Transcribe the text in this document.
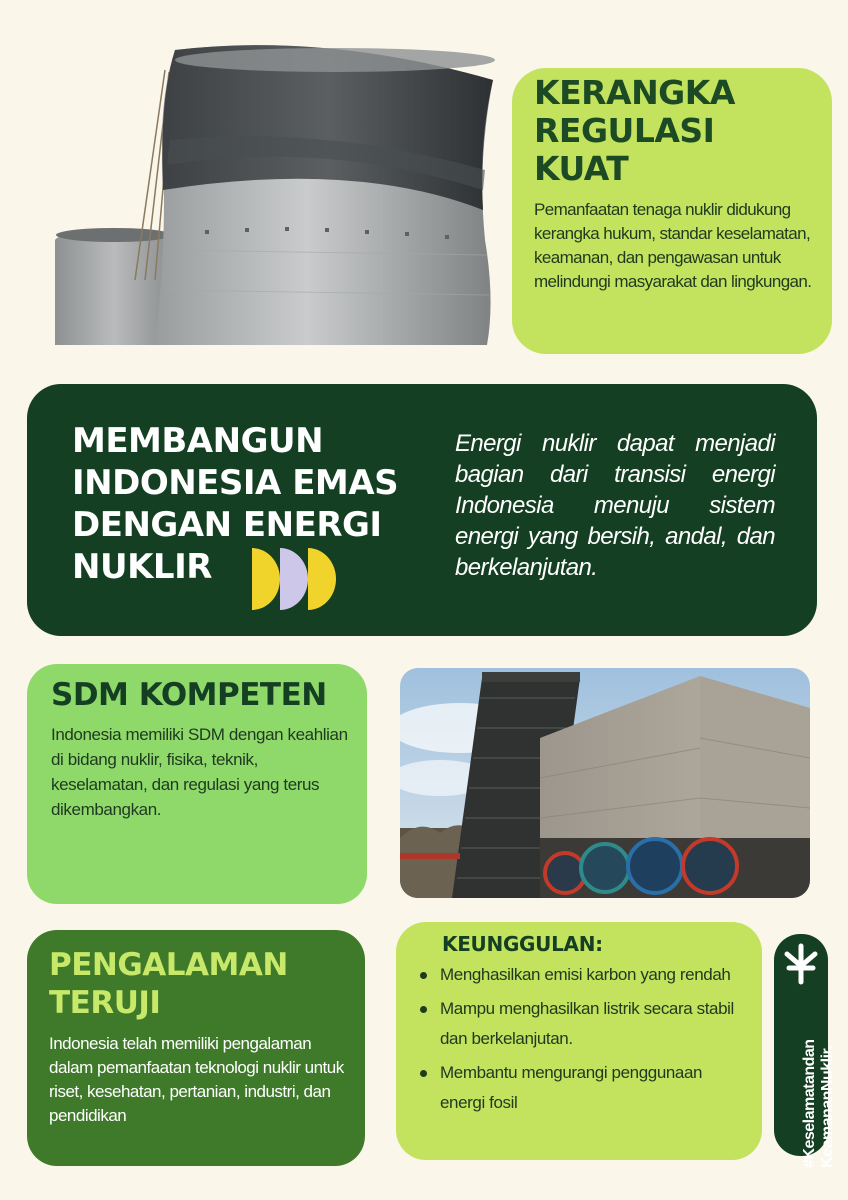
KERANGKA REGULASI KUAT
Pemanfaatan tenaga nuklir didukung kerangka hukum, standar keselamatan, keamanan, dan pengawasan untuk melindungi masyarakat dan lingkungan.
MEMBANGUN INDONESIA EMAS DENGAN ENERGI NUKLIR
Energi nuklir dapat menjadi bagian dari transisi energi Indonesia menuju sistem energi yang bersih, andal, dan berkelanjutan.
SDM KOMPETEN
Indonesia memiliki SDM dengan keahlian di bidang nuklir, fisika, teknik, keselamatan, dan regulasi yang terus dikembangkan.
PENGALAMAN TERUJI
Indonesia telah memiliki pengalaman dalam pemanfaatan teknologi nuklir untuk riset, kesehatan, pertanian, industri, dan pendidikan
KEUNGGULAN:
Menghasilkan emisi karbon yang rendah
Mampu menghasilkan listrik secara stabil dan berkelanjutan.
Membantu mengurangi penggunaan energi fosil	#Keselamatandan KeamananNuklir.
